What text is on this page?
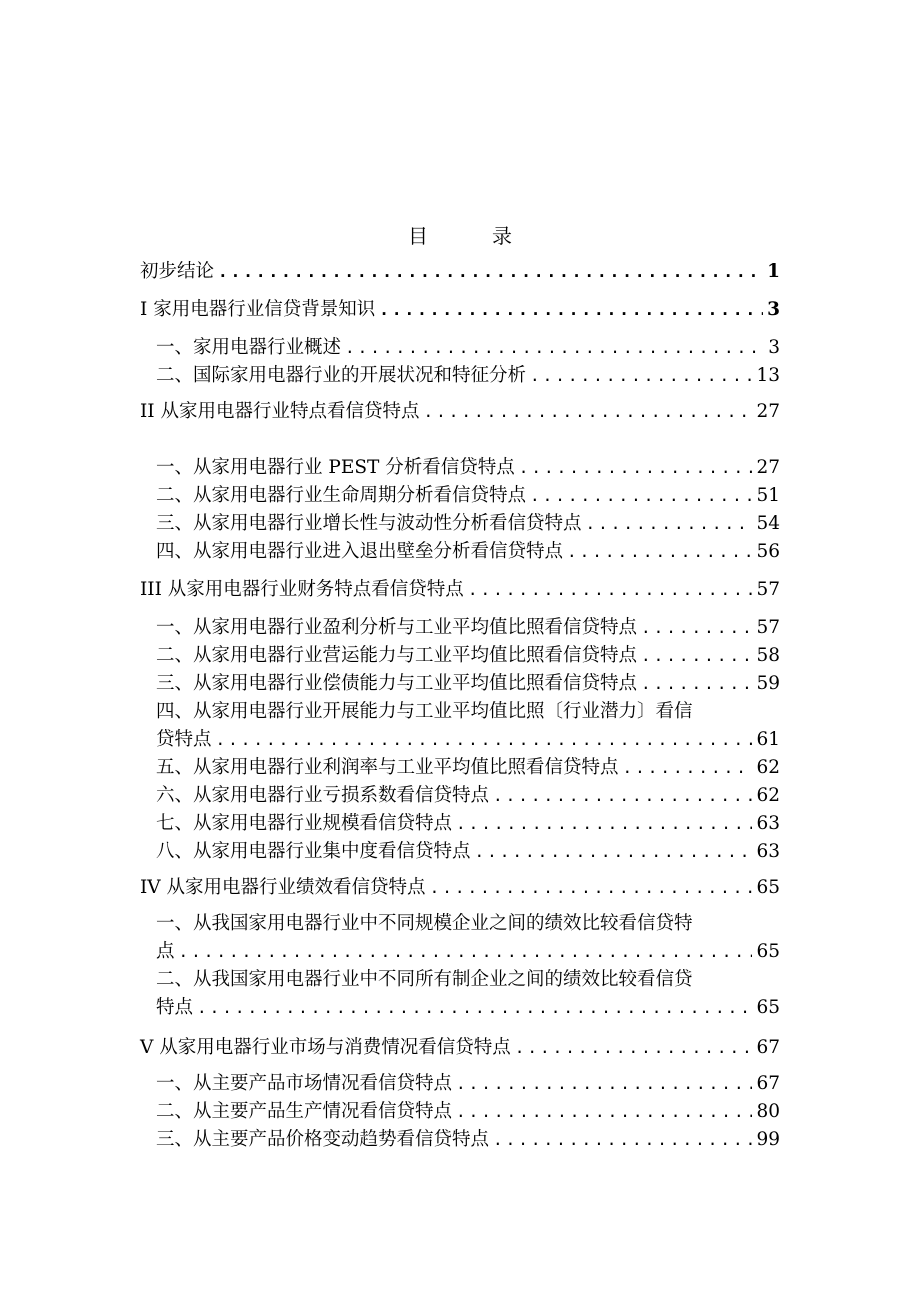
目　录
初步结论 .....	1
I 家用电器行业信贷背景知识 .....	3
一、家用电器行业概述 .....	3
二、国际家用电器行业的开展状况和特征分析 .....	13
II 从家用电器行业特点看信贷特点 .....	27
一、从家用电器行业 PEST 分析看信贷特点 .....	27
二、从家用电器行业生命周期分析看信贷特点 .....	51
三、从家用电器行业增长性与波动性分析看信贷特点 .....	54
四、从家用电器行业进入退出壁垒分析看信贷特点 .....	56
III 从家用电器行业财务特点看信贷特点 .....	57
一、从家用电器行业盈利分析与工业平均值比照看信贷特点 .....	57
二、从家用电器行业营运能力与工业平均值比照看信贷特点 .....	58
三、从家用电器行业偿债能力与工业平均值比照看信贷特点 .....	59
四、从家用电器行业开展能力与工业平均值比照〔行业潜力〕看信
贷特点 .....	61
五、从家用电器行业利润率与工业平均值比照看信贷特点 .....	62
六、从家用电器行业亏损系数看信贷特点 .....	62
七、从家用电器行业规模看信贷特点 .....	63
八、从家用电器行业集中度看信贷特点 .....	63
IV 从家用电器行业绩效看信贷特点 .....	65
一、从我国家用电器行业中不同规模企业之间的绩效比较看信贷特
点 .....	65
二、从我国家用电器行业中不同所有制企业之间的绩效比较看信贷
特点 .....	65
V 从家用电器行业市场与消费情况看信贷特点 .....	67
一、从主要产品市场情况看信贷特点 .....	67
二、从主要产品生产情况看信贷特点 .....	80
三、从主要产品价格变动趋势看信贷特点 .....	99
